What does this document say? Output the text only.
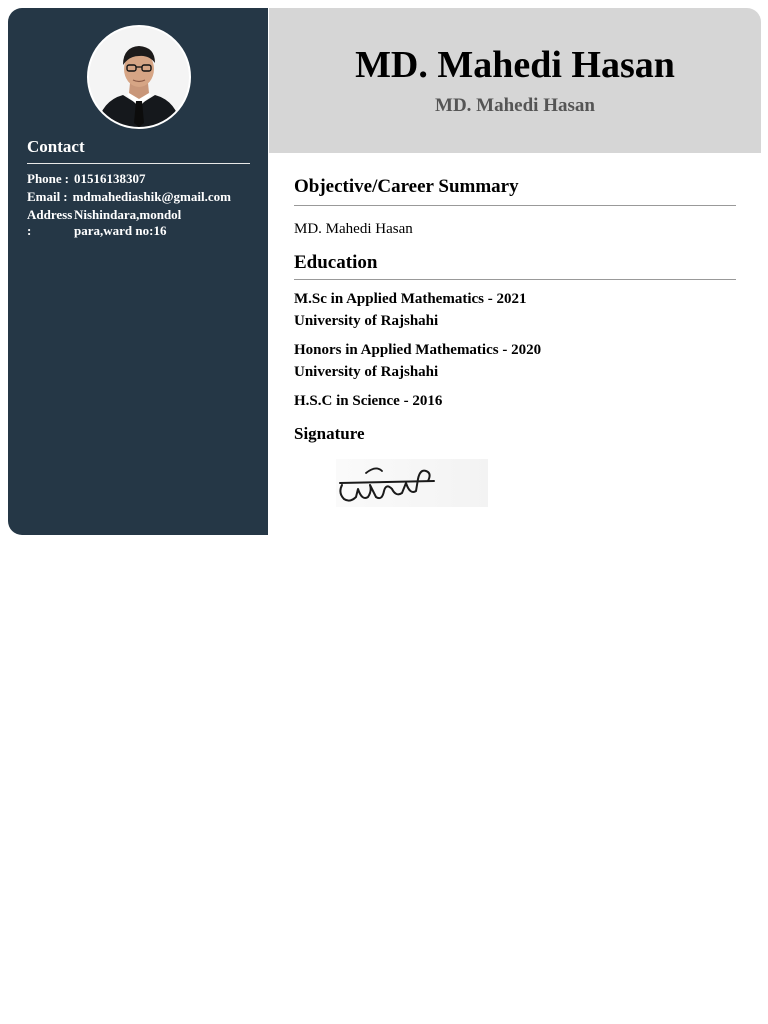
Contact
Phone : 01516138307
Email : mdmahediashik@gmail.com
Address
:
Nishindara,mondol para,ward no:16
MD. Mahedi Hasan
MD. Mahedi Hasan
Objective/Career Summary
MD. Mahedi Hasan
Education
M.Sc in Applied Mathematics - 2021
University of Rajshahi
Honors in Applied Mathematics - 2020
University of Rajshahi
H.S.C in Science - 2016
Signature
